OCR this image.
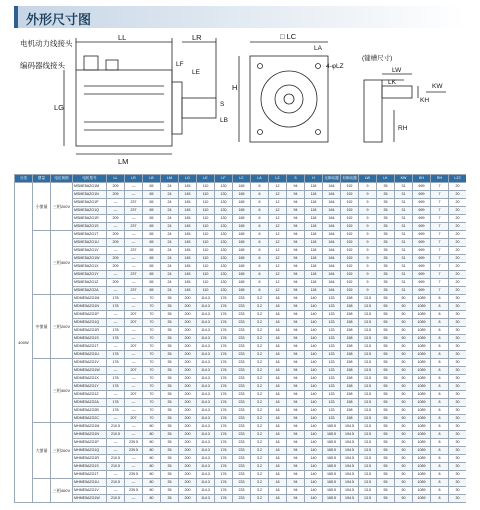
外形尺寸图
电机动力线接头
编码器线接头
LL	LR
LF
LE
LG
LM
S
LB
□ LC
LA
4-φLZ
H
(键槽尺寸)
LW
LK
KW
KH
RH
分类	惯量	电压规格	电机型号	LL	LR	LB	LM	LG	LE	LF	LC	LA	LZ	S	H	无制动器	有制动器	LW	LK	KW	KH	RH	LZ2
400W	小惯量	三相200V	MSME5AZG1M	209	—	65	24	145	110	130	165	6	12	94	118	164	192	9	35	31	699	7	20
			MSME5AZG1N	209	—	65	24	145	110	130	165	6	12	94	118	164	192	9	35	31	699	7	20
			MSME5AZG1P	—	237	65	24	145	110	130	165	6	12	94	118	164	192	9	35	31	699	7	20
			MSME5AZG1Q	—	237	65	24	145	110	130	165	6	12	94	118	164	192	9	35	31	699	7	20
			MSME5AZG1R	209	—	65	24	145	110	130	165	6	12	94	118	164	192	9	35	31	699	7	20
			MSME5AZG1S	—	237	65	24	145	110	130	165	6	12	94	118	164	192	9	35	31	699	7	20
		三相400V	MSME5AZG1T	209	—	65	24	145	110	130	165	6	12	94	118	164	192	9	35	31	699	7	20
			MSME5AZG1U	209	—	65	24	145	110	130	165	6	12	94	118	164	192	9	35	31	699	7	20
			MSME5AZG1V	—	237	65	24	145	110	130	165	6	12	94	118	164	192	9	35	31	699	7	20
			MSME5AZG1W	209	—	65	24	145	110	130	165	6	12	94	118	164	192	9	35	31	699	7	20
			MSME5AZG1X	209	—	65	24	145	110	130	165	6	12	94	118	164	192	9	35	31	699	7	20
			MSME5AZG1Y	—	237	65	24	145	110	130	165	6	12	94	118	164	192	9	35	31	699	7	20
			MSME5AZG1Z	209	—	65	24	145	110	130	165	6	12	94	118	164	192	9	35	31	699	7	20
			MSME5AZG2A	—	237	65	24	145	110	130	165	6	12	94	118	164	192	9	35	31	699	7	20
	中惯量	三相200V	MDME5AZG1M	178	—	70	35	200	114.3	176	233	3.2	18	94	140	133	158	13.5	55	50	1089	8	30
			MDME5AZG1N	178	—	70	35	200	114.3	176	233	3.2	18	94	140	133	158	13.5	55	50	1089	8	30
			MDME5AZG1P	—	207	70	35	200	114.3	176	233	3.2	18	94	140	133	158	13.5	55	50	1089	8	30
			MDME5AZG1Q	—	207	70	35	200	114.3	176	233	3.2	18	94	140	133	158	13.5	55	50	1089	8	30
			MDME5AZG1R	178	—	70	35	200	114.3	176	233	3.2	18	94	140	133	158	13.5	55	50	1089	8	30
			MDME5AZG1S	178	—	70	35	200	114.3	176	233	3.2	18	94	140	133	158	13.5	55	50	1089	8	30
			MDME5AZG1T	—	207	70	35	200	114.3	176	233	3.2	18	94	140	133	158	13.5	55	50	1089	8	30
			MDME5AZG1U	178	—	70	35	200	114.3	176	233	3.2	18	94	140	133	158	13.5	55	50	1089	8	30
		三相400V	MDME5AZG1V	178	—	70	35	200	114.3	176	233	3.2	18	94	140	133	158	13.5	55	50	1089	8	30
			MDME5AZG1W	—	207	70	35	200	114.3	176	233	3.2	18	94	140	133	158	13.5	55	50	1089	8	30
			MDME5AZG1X	178	—	70	35	200	114.3	176	233	3.2	18	94	140	133	158	13.5	55	50	1089	8	30
			MDME5AZG1Y	178	—	70	35	200	114.3	176	233	3.2	18	94	140	133	158	13.5	55	50	1089	8	30
			MDME5AZG1Z	—	207	70	35	200	114.3	176	233	3.2	18	94	140	133	158	13.5	55	50	1089	8	30
			MDME5AZG2A	178	—	70	35	200	114.3	176	233	3.2	18	94	140	133	158	13.5	55	50	1089	8	30
			MDME5AZG2B	178	—	70	35	200	114.3	176	233	3.2	18	94	140	133	158	13.5	55	50	1089	8	30
			MDME5AZG2C	—	207	70	35	200	114.3	176	233	3.2	18	94	140	133	158	13.5	55	50	1089	8	30
	大惯量	三相200V	MHME5AZG1M	210.5	—	80	35	200	114.3	176	233	3.2	18	94	140	165.5	194.5	13.5	55	50	1089	8	30
			MHME5AZG1N	210.5	—	80	35	200	114.3	176	233	3.2	18	94	140	165.5	194.5	13.5	55	50	1089	8	30
			MHME5AZG1P	—	239.5	80	35	200	114.3	176	233	3.2	18	94	140	165.5	194.5	13.5	55	50	1089	8	30
			MHME5AZG1Q	—	239.5	80	35	200	114.3	176	233	3.2	18	94	140	165.5	194.5	13.5	55	50	1089	8	30
			MHME5AZG1R	210.5	—	80	35	200	114.3	176	233	3.2	18	94	140	165.5	194.5	13.5	55	50	1089	8	30
			MHME5AZG1S	210.5	—	80	35	200	114.3	176	233	3.2	18	94	140	165.5	194.5	13.5	55	50	1089	8	30
			MHME5AZG1T	—	239.5	80	35	200	114.3	176	233	3.2	18	94	140	165.5	194.5	13.5	55	50	1089	8	30
		三相400V	MHME5AZG1U	210.5	—	80	35	200	114.3	176	233	3.2	18	94	140	165.5	194.5	13.5	55	50	1089	8	30
			MHME5AZG1V	—	239.5	80	35	200	114.3	176	233	3.2	18	94	140	165.5	194.5	13.5	55	50	1089	8	30
			MHME5AZG1W	210.5	—	80	35	200	114.3	176	233	3.2	18	94	140	165.5	194.5	13.5	55	50	1089	8	30
